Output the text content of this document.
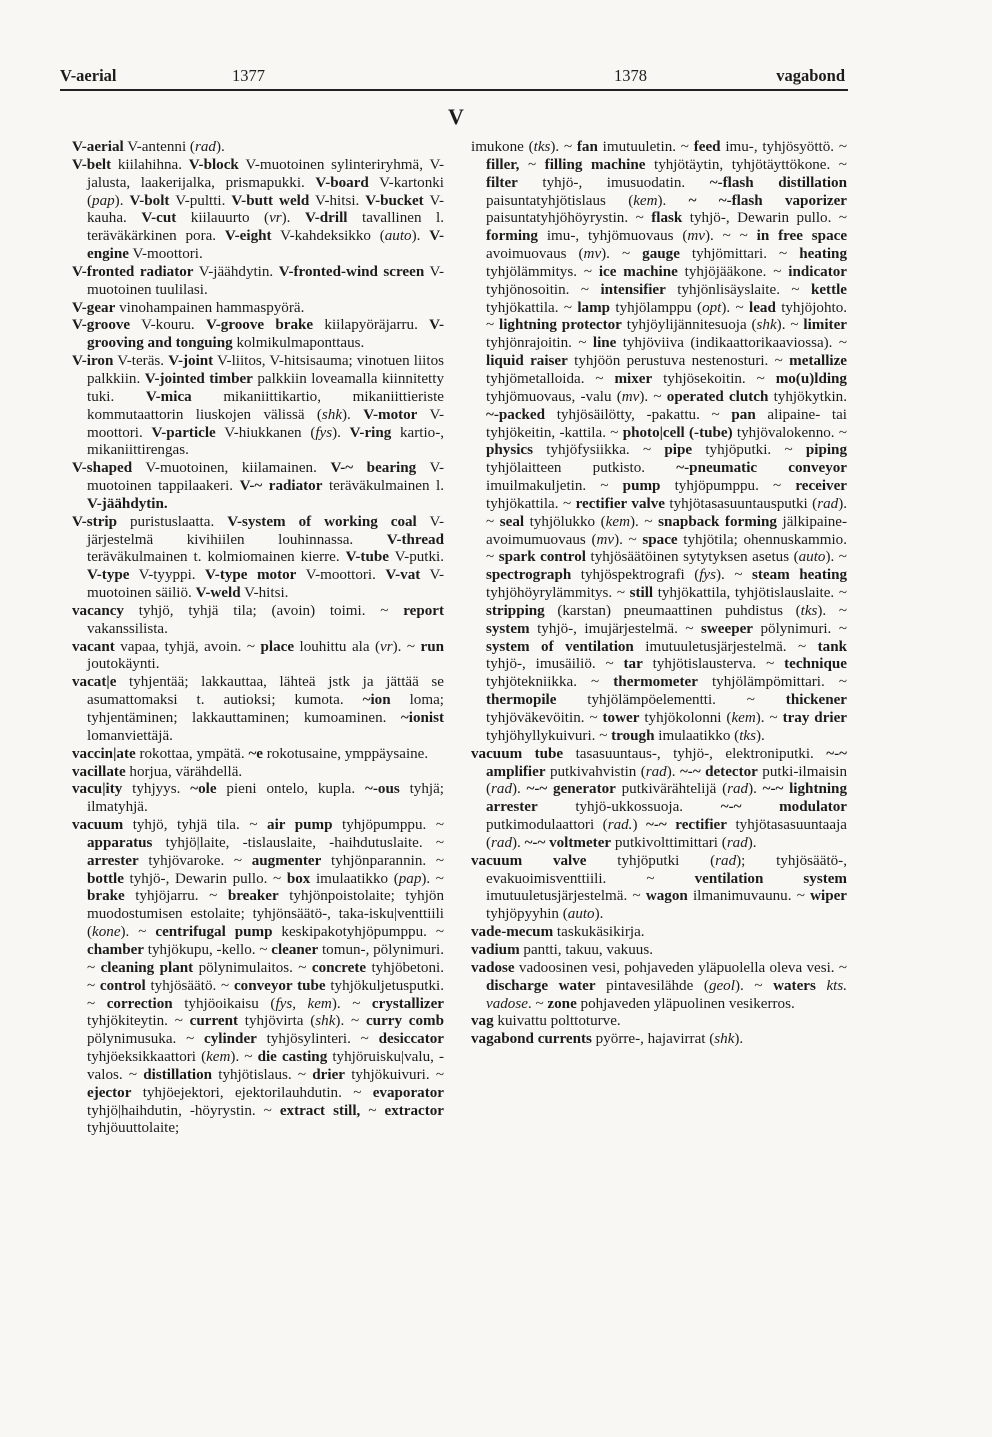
V-aerial	1377	1378	vagabond
V

V-aerial V-antenni (rad).

V-belt kiilahihna. V-block V-muotoinen sylinteriryhmä, V-jalusta, laakerijalka, prismapukki. V-board V-kartonki (pap). V-bolt V-pultti. V-butt weld V-hitsi. V-bucket V-kauha. V-cut kiilauurto (vr). V-drill tavallinen l. teräväkärkinen pora. V-eight V-kahdeksikko (auto). V-engine V-moottori.

V-fronted radiator V-jäähdytin. V-fronted-wind screen V-muotoinen tuulilasi.

V-gear vinohampainen hammaspyörä.

V-groove V-kouru. V-groove brake kiilapyöräjarru. V-grooving and tonguing kolmikulmaponttaus.

V-iron V-teräs. V-joint V-liitos, V-hitsisauma; vinotuen liitos palkkiin. V-jointed timber palkkiin loveamalla kiinnitetty tuki. V-mica mikaniittikartio, mikaniittieriste kommutaattorin liuskojen välissä (shk). V-motor V-moottori. V-particle V-hiukkanen (fys). V-ring kartio-, mikaniittirengas.

V-shaped V-muotoinen, kiilamainen. V-~ bearing V-muotoinen tappilaakeri. V-~ radiator teräväkulmainen l. V-jäähdytin.

V-strip puristuslaatta. V-system of working coal V-järjestelmä kivihiilen louhinnassa. V-thread teräväkulmainen t. kolmiomainen kierre. V-tube V-putki. V-type V-tyyppi. V-type motor V-moottori. V-vat V-muotoinen säiliö. V-weld V-hitsi.

vacancy tyhjö, tyhjä tila; (avoin) toimi. ~ report vakanssilista.

vacant vapaa, tyhjä, avoin. ~ place louhittu ala (vr). ~ run joutokäynti.

vacat|e tyhjentää; lakkauttaa, lähteä jstk ja jättää se asumattomaksi t. autioksi; kumota. ~ion loma; tyhjentäminen; lakkauttaminen; kumoaminen. ~ionist lomanviettäjä.

vaccin|ate rokottaa, ympätä. ~e rokotusaine, ymppäysaine.

vacillate horjua, värähdellä.

vacu|ity tyhjyys. ~ole pieni ontelo, kupla. ~-ous tyhjä; ilmatyhjä.

vacuum tyhjö, tyhjä tila. ~ air pump tyhjöpumppu. ~ apparatus tyhjö|laite, -tislauslaite, -haihdutuslaite. ~ arrester tyhjövaroke. ~ augmenter tyhjönparannin. ~ bottle tyhjö-, Dewarin pullo. ~ box imulaatikko (pap). ~ brake tyhjöjarru. ~ breaker tyhjönpoistolaite; tyhjön muodostumisen estolaite; tyhjönsäätö-, taka-isku|venttiili (kone). ~ centrifugal pump keskipakotyhjöpumppu. ~ chamber tyhjökupu, -kello. ~ cleaner tomun-, pölynimuri. ~ cleaning plant pölynimulaitos. ~ concrete tyhjöbetoni. ~ control tyhjösäätö. ~ conveyor tube tyhjökuljetusputki. ~ correction tyhjöoikaisu (fys, kem). ~ crystallizer tyhjökiteytin. ~ current tyhjövirta (shk). ~ curry comb pölynimusuka. ~ cylinder tyhjösylinteri. ~ desiccator tyhjöeksikkaattori (kem). ~ die casting tyhjöruisku|valu, -valos. ~ distillation tyhjötislaus. ~ drier tyhjökuivuri. ~ ejector tyhjöejektori, ejektorilauhdutin. ~ evaporator tyhjö|haihdutin, -höyrystin. ~ extract still, ~ extractor tyhjöuuttolaite;

imukone (tks). ~ fan imutuuletin. ~ feed imu-, tyhjösyöttö. ~ filler, ~ filling machine tyhjötäytin, tyhjötäyttökone. ~ filter tyhjö-, imusuodatin. ~-flash distillation paisuntatyhjötislaus (kem). ~ ~-flash vaporizer paisuntatyhjöhöyrystin. ~ flask tyhjö-, Dewarin pullo. ~ forming imu-, tyhjömuovaus (mv). ~ ~ in free space avoimuovaus (mv). ~ gauge tyhjömittari. ~ heating tyhjölämmitys. ~ ice machine tyhjöjääkone. ~ indicator tyhjönosoitin. ~ intensifier tyhjönlisäyslaite. ~ kettle tyhjökattila. ~ lamp tyhjölamppu (opt). ~ lead tyhjöjohto. ~ lightning protector tyhjöylijännitesuoja (shk). ~ limiter tyhjönrajoitin. ~ line tyhjöviiva (indikaattorikaaviossa). ~ liquid raiser tyhjöön perustuva nestenosturi. ~ metallize tyhjömetalloida. ~ mixer tyhjösekoitin. ~ mo(u)lding tyhjömuovaus, -valu (mv). ~ operated clutch tyhjökytkin. ~-packed tyhjösäilötty, -pakattu. ~ pan alipaine- tai tyhjökeitin, -kattila. ~ photo|cell (-tube) tyhjövalokenno. ~ physics tyhjöfysiikka. ~ pipe tyhjöputki. ~ piping tyhjölaitteen putkisto. ~-pneumatic conveyor imuilmakuljetin. ~ pump tyhjöpumppu. ~ receiver tyhjökattila. ~ rectifier valve tyhjötasasuuntausputki (rad). ~ seal tyhjölukko (kem). ~ snapback forming jälkipaine-avoimumuovaus (mv). ~ space tyhjötila; ohennuskammio. ~ spark control tyhjösäätöinen sytytyksen asetus (auto). ~ spectrograph tyhjöspektrografi (fys). ~ steam heating tyhjöhöyrylämmitys. ~ still tyhjökattila, tyhjötislauslaite. ~ stripping (karstan) pneumaattinen puhdistus (tks). ~ system tyhjö-, imujärjestelmä. ~ sweeper pölynimuri. ~ system of ventilation imutuuletusjärjestelmä. ~ tank tyhjö-, imusäiliö. ~ tar tyhjötislausterva. ~ technique tyhjötekniikka. ~ thermometer tyhjölämpömittari. ~ thermopile tyhjölämpöelementti. ~ thickener tyhjöväkevöitin. ~ tower tyhjökolonni (kem). ~ tray drier tyhjöhyllykuivuri. ~ trough imulaatikko (tks).

vacuum tube tasasuuntaus-, tyhjö-, elektroniputki. ~-~ amplifier putkivahvistin (rad). ~-~ detector putki-ilmaisin (rad). ~-~ generator putkivärähtelijä (rad). ~-~ lightning arrester tyhjö-ukkossuoja. ~-~ modulator putkimodulaattori (rad.) ~-~ rectifier tyhjötasasuuntaaja (rad). ~-~ voltmeter putkivolttimittari (rad).

vacuum valve tyhjöputki (rad); tyhjösäätö-, evakuoimisventtiili. ~ ventilation system imutuuletusjärjestelmä. ~ wagon ilmanimuvaunu. ~ wiper tyhjöpyyhin (auto).

vade-mecum taskukäsikirja.

vadium pantti, takuu, vakuus.

vadose vadoosinen vesi, pohjaveden yläpuolella oleva vesi. ~ discharge water pintavesilähde (geol). ~ waters kts. vadose. ~ zone pohjaveden yläpuolinen vesikerros.

vag kuivattu polttoturve.

vagabond currents pyörre-, hajavirrat (shk).
